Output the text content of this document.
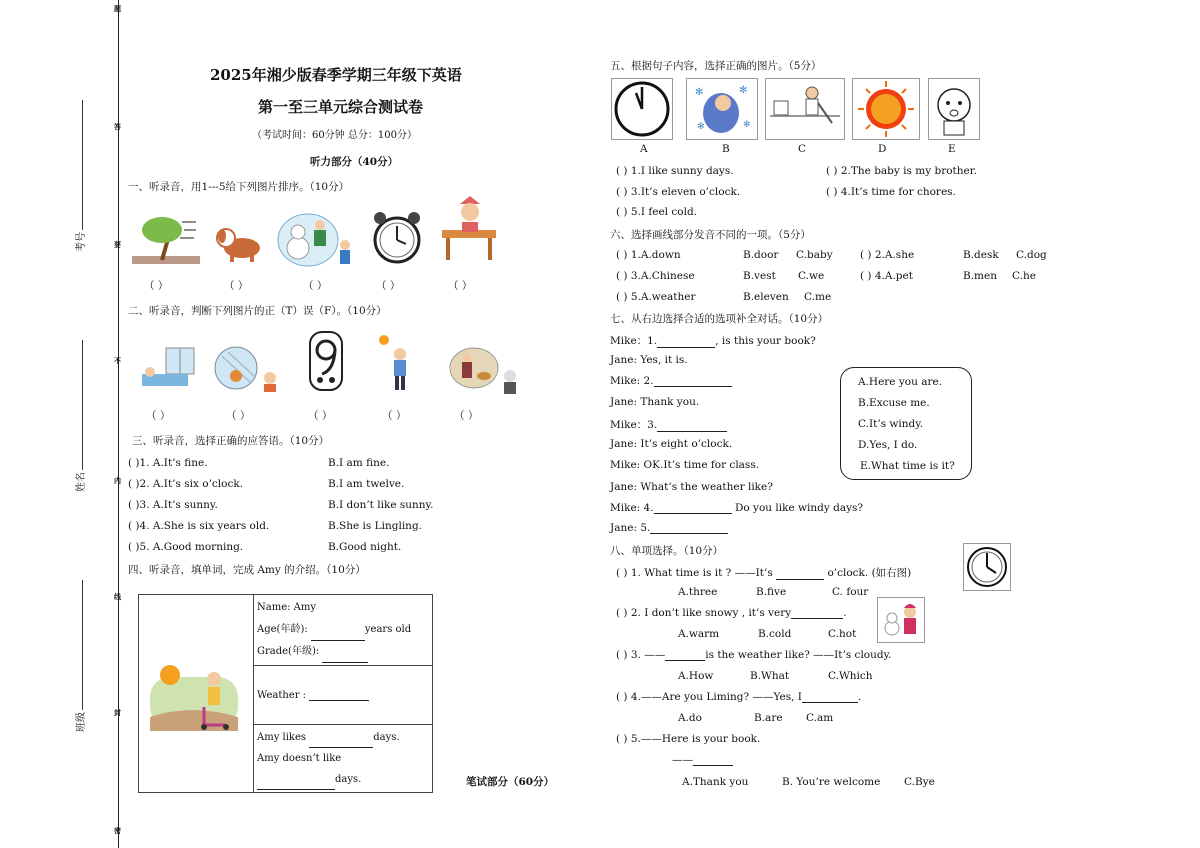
题
答
要
不
内
线
封
密
考号
姓名
班级
2025年湘少版春季学期三年级下英语
第一至三单元综合测试卷
（考试时间：60分钟 总分：100分）
听力部分（40分）
一、听录音，用1---5给下列图片排序。（10分）
（ ）	（ ）	（ ）	（ ）	（ ）
二、听录音，判断下列图片的正（T）误（F）。（10分）
（ ）	（ ）	（ ）	（ ）	（ ）
三、听录音，选择正确的应答语。（10分）
( )1. A.It’s fine.	B.I am fine.
( )2. A.It’s six o’clock.	B.I am twelve.
( )3. A.It’s sunny.	B.I don’t like sunny.
( )4. A.She is six years old.	B.She is Lingling.
( )5. A.Good morning.	B.Good night.
四、听录音，填单词，完成 Amy 的介绍。（10分）

Name: Amy
Age(年龄):	years old
Grade(年级):

Weather :

Amy likes	days.
Amy doesn’t like
days.	笔试部分（60分）
五、根据句子内容，选择正确的图片。（5分）
✻	✻
✻	✻
A	B	C	D	E
( ) 1.I like sunny days.	( ) 2.The baby is my brother.
( ) 3.It’s eleven o’clock.	( ) 4.It’s time for chores.
( ) 5.I feel cold.
六、选择画线部分发音不同的一项。（5分）
( ) 1.A.down	B.door C.baby	( ) 2.A.she	B.desk C.dog
( ) 3.A.Chinese	B.vest C.we	( ) 4.A.pet	B.men C.he
( ) 5.A.weather	B.eleven C.me
七、从右边选择合适的选项补全对话。（10分）
Mike：1.	, is this your book?
Jane: Yes, it is.
Mike: 2.
Jane: Thank you.
Mike：3.
Jane: It’s eight o’clock.
Mike: OK.It’s time for class.
Jane: What’s the weather like?
Mike: 4.	Do you like windy days?
Jane: 5.
A.Here you are.
B.Excuse me.
C.It’s windy.
D.Yes, I do.
E.What time is it?
八、单项选择。（10分）
( ) 1. What time is it ? ——It’s	o’clock. (如右图)
A.three	B.five	C. four
( ) 2. I don’t like snowy , it’s very	.
A.warm	B.cold	C.hot
( ) 3. ——	is the weather like? ——It’s cloudy.
A.How	B.What	C.Which
( ) 4.——Are you Liming? ——Yes, I	.
A.do	B.are C.am
( ) 5.——Here is your book.
——
A.Thank you	B. You’re welcome C.Bye
